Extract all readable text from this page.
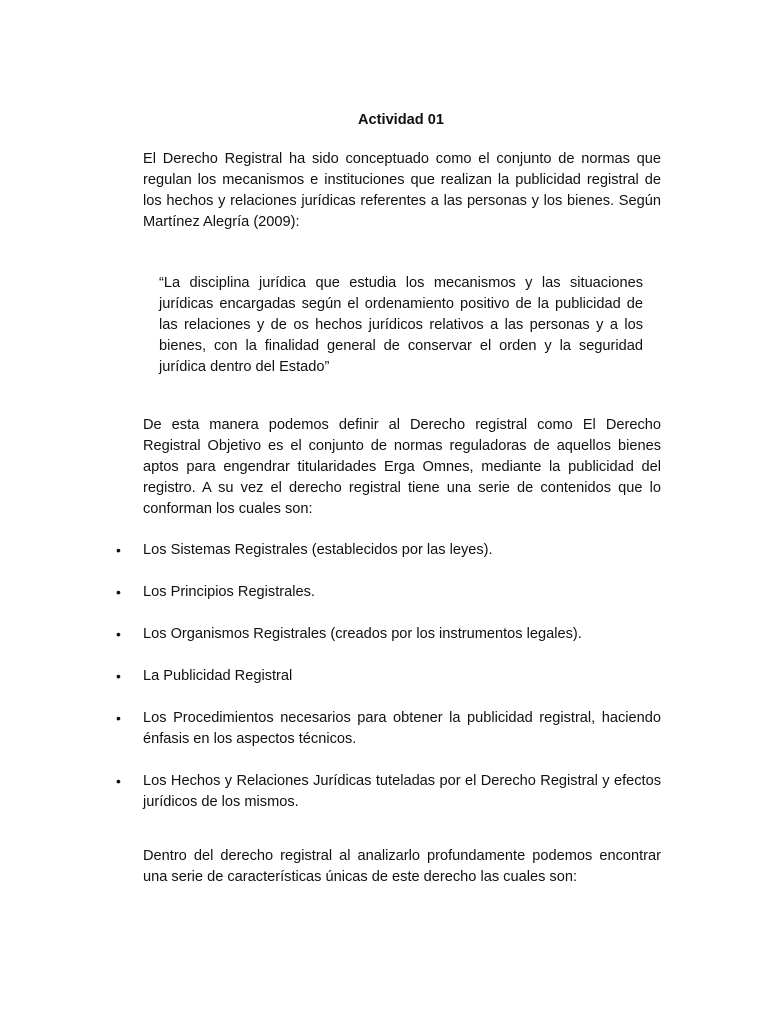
Actividad 01

El Derecho Registral ha sido conceptuado como el conjunto de normas que regulan los mecanismos e instituciones que realizan la publicidad registral de los hechos y relaciones jurídicas referentes a las personas y los bienes. Según Martínez Alegría (2009):

“La disciplina jurídica que estudia los mecanismos y las situaciones jurídicas encargadas según el ordenamiento positivo de la publicidad de las relaciones y de os hechos jurídicos relativos a las personas y a los bienes, con la finalidad general de conservar el orden y la seguridad jurídica dentro del Estado”

De esta manera podemos definir al Derecho registral como El Derecho Registral Objetivo es el conjunto de normas reguladoras de aquellos bienes aptos para engendrar titularidades Erga Omnes, mediante la publicidad del registro. A su vez el derecho registral tiene una serie de contenidos que lo conforman los cuales son:

• Los Sistemas Registrales (establecidos por las leyes).
• Los Principios Registrales.
• Los Organismos Registrales (creados por los instrumentos legales).
• La Publicidad Registral
• Los Procedimientos necesarios para obtener la publicidad registral, haciendo énfasis en los aspectos técnicos.
• Los Hechos y Relaciones Jurídicas tuteladas por el Derecho Registral y efectos jurídicos de los mismos.

Dentro del derecho registral al analizarlo profundamente podemos encontrar una serie de características únicas de este derecho las cuales son:
